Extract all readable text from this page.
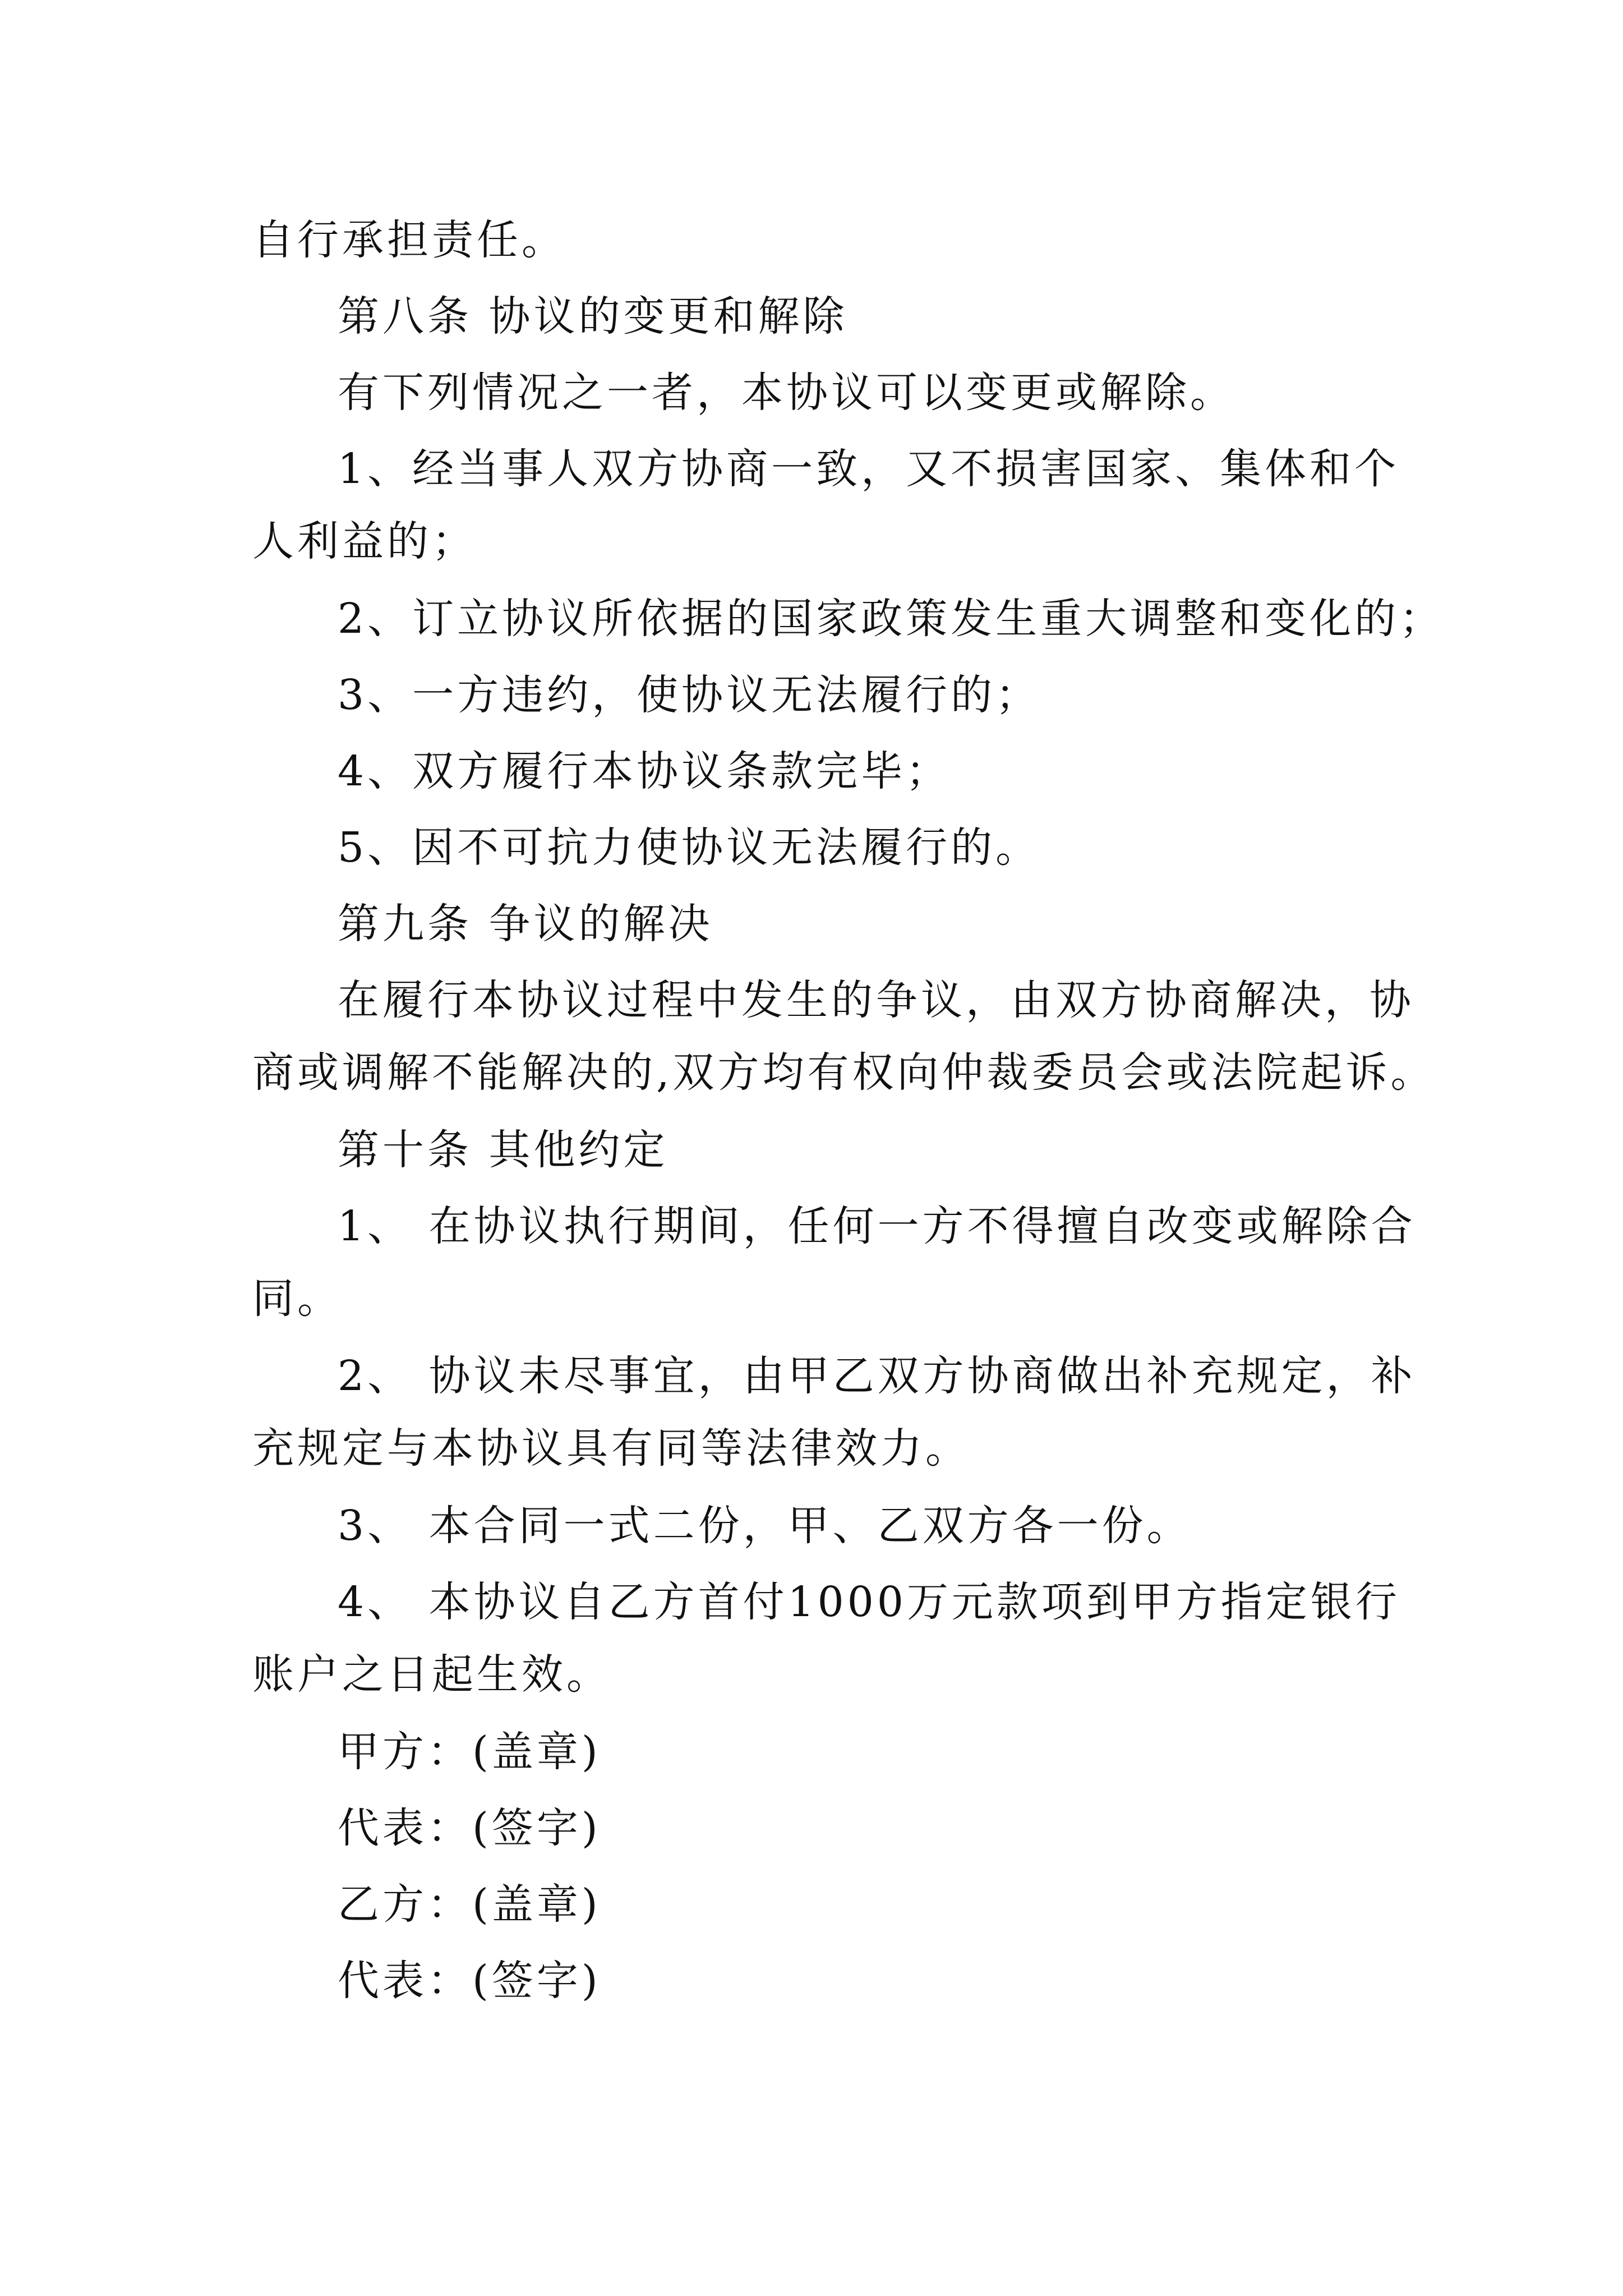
自行承担责任。

第八条 协议的变更和解除

有下列情况之一者，本协议可以变更或解除。

1、经当事人双方协商一致，又不损害国家、集体和个

人利益的；

2、订立协议所依据的国家政策发生重大调整和变化的；

3、一方违约，使协议无法履行的；

4、双方履行本协议条款完毕；

5、因不可抗力使协议无法履行的。

第九条 争议的解决

在履行本协议过程中发生的争议，由双方协商解决，协

商或调解不能解决的,双方均有权向仲裁委员会或法院起诉。

第十条 其他约定

1、 在协议执行期间，任何一方不得擅自改变或解除合

同。

2、 协议未尽事宜，由甲乙双方协商做出补充规定，补

充规定与本协议具有同等法律效力。

3、 本合同一式二份，甲、乙双方各一份。

4、 本协议自乙方首付1000万元款项到甲方指定银行

账户之日起生效。

甲方：(盖章)

代表：(签字)

乙方：(盖章)

代表：(签字)
